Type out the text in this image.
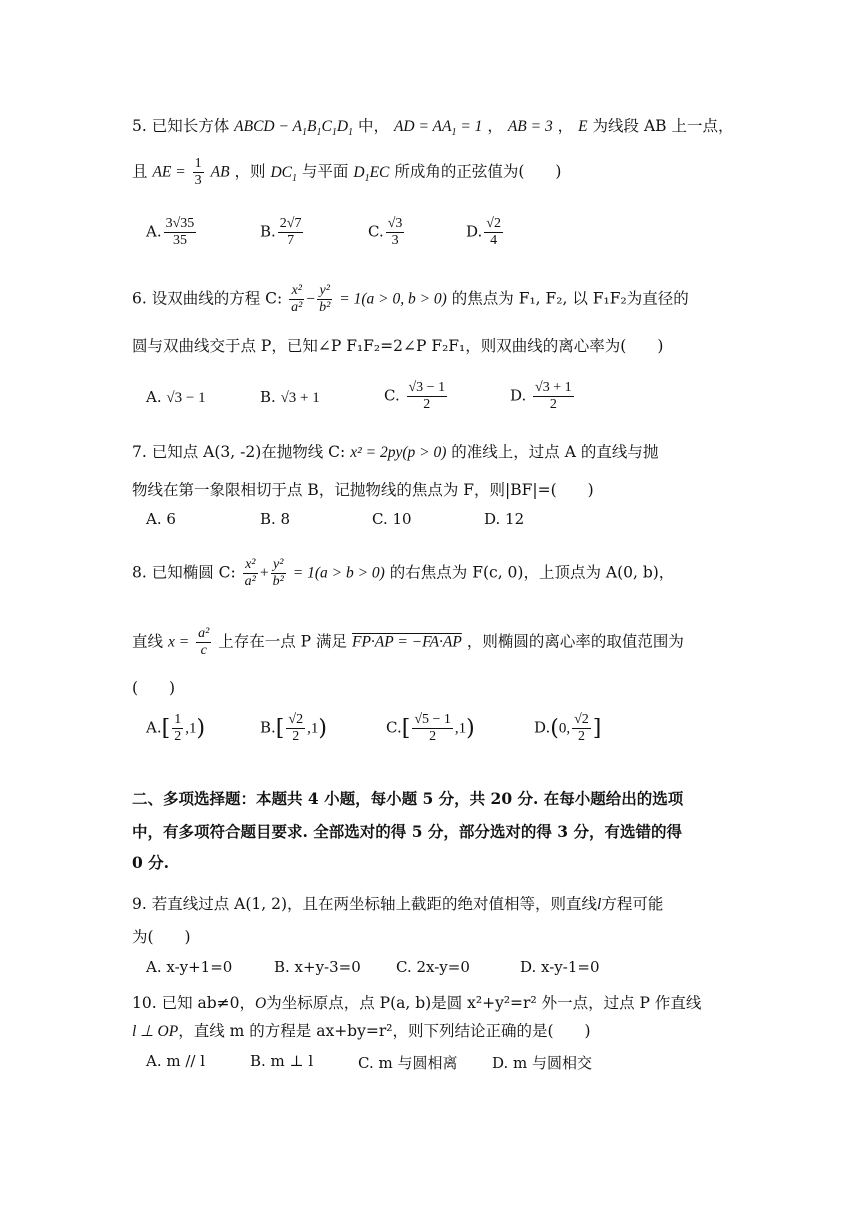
5. 已知长方体 ABCD − $A_1B_1C_1D_1$ 中， AD = $AA_1 = 1$ ， AB = 3 ， E 为线段 AB 上一点，
且 AE = $\frac{1}{3}$ AB ，则 $DC_1$ 与平面 $D_1EC$ 所成角的正弦值为(　　)
A. $\frac{3√35}{35}$	B. $\frac{2√7}{7}$	C. $\frac{√3}{3}$	D. $\frac{√2}{4}$
6. 设双曲线的方程 C: $\frac{\text{x²}}{\text{a²}} - \frac{\text{y²}}{\text{b²}} = 1(a > 0$, b > 0) 的焦点为 F₁, F₂, 以 F₁F₂为直径的
圆与双曲线交于点 P，已知∠P F₁F₂=2∠P F₂F₁，则双曲线的离心率为(　　)
A. √3 − 1	B. √3 + 1	C. $\frac{√3 - 1}{2}$	D. $\frac{√3 + 1}{2}$
7. 已知点 A(3, -2)在抛物线 C: x² = 2py(p > 0) 的准线上，过点 A 的直线与抛
物线在第一象限相切于点 B，记抛物线的焦点为 F，则|BF|=(　　)
A. 6	B. 8	C. 10	D. 12
8. 已知椭圆 C: $\frac{\text{x²}}{\text{a²}} + \frac{\text{y²}}{\text{b²}} = 1(a > b > 0)$ 的右焦点为 F(c, 0)，上顶点为 A(0, b)，
直线 $x = \frac{\text{a²}}{c}$ 上存在一点 P 满足 FP·AP = −FA·AP ，则椭圆的离心率的取值范围为
(　　)
$A.[ \frac{1}{2} ,1)$	$B.[ \frac{√2}{2} ,1)$	$C.[ \frac{√5 - 1}{2} ,1)$	D.(0, $\frac{√2}{2}$ ]
二、多项选择题：本题共 4 小题，每小题 5 分，共 20 分. 在每小题给出的选项
中，有多项符合题目要求. 全部选对的得 5 分，部分选对的得 3 分，有选错的得
0 分.
9. 若直线过点 A(1, 2)，且在两坐标轴上截距的绝对值相等，则直线l方程可能
为(　　)
A. x-y+1=0	B. x+y-3=0 C. 2x-y=0	D. x-y-1=0
10. 已知 ab≠0，O为坐标原点，点 P(a, b)是圆 x²+y²=r² 外一点，过点 P 作直线
l ⊥ OP，直线 m 的方程是 ax+by=r²，则下列结论正确的是(　　)
A. m // l	B. m ⊥ l	C. m 与圆相离 D. m 与圆相交
